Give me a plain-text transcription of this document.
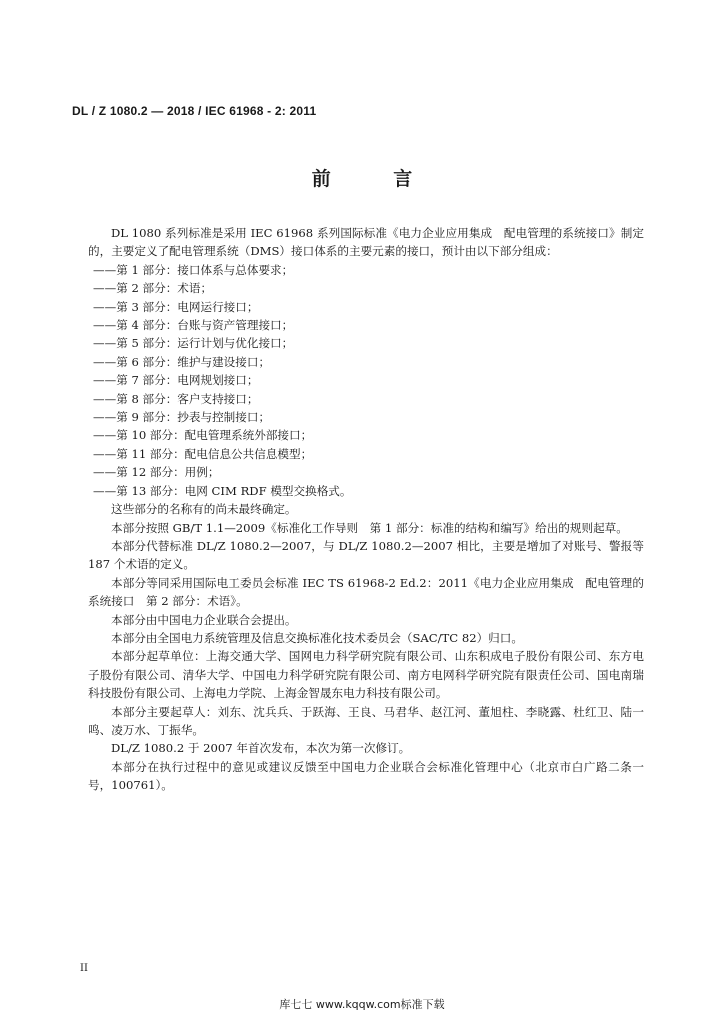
DL / Z 1080.2 — 2018 / IEC 61968 - 2: 2011
前 言

DL 1080 系列标准是采用 IEC 61968 系列国际标准《电力企业应用集成　配电管理的系统接口》制定的，主要定义了配电管理系统（DMS）接口体系的主要元素的接口，预计由以下部分组成：

——第 1 部分：接口体系与总体要求；

——第 2 部分：术语；

——第 3 部分：电网运行接口；

——第 4 部分：台账与资产管理接口；

——第 5 部分：运行计划与优化接口；

——第 6 部分：维护与建设接口；

——第 7 部分：电网规划接口；

——第 8 部分：客户支持接口；

——第 9 部分：抄表与控制接口；

——第 10 部分：配电管理系统外部接口；

——第 11 部分：配电信息公共信息模型；

——第 12 部分：用例；

——第 13 部分：电网 CIM RDF 模型交换格式。

这些部分的名称有的尚未最终确定。

本部分按照 GB/T 1.1—2009《标准化工作导则　第 1 部分：标准的结构和编写》给出的规则起草。

本部分代替标准 DL/Z 1080.2—2007，与 DL/Z 1080.2—2007 相比，主要是增加了对账号、警报等 187 个术语的定义。

本部分等同采用国际电工委员会标准 IEC TS 61968-2 Ed.2：2011《电力企业应用集成　配电管理的系统接口　第 2 部分：术语》。

本部分由中国电力企业联合会提出。

本部分由全国电力系统管理及信息交换标准化技术委员会（SAC/TC 82）归口。

本部分起草单位：上海交通大学、国网电力科学研究院有限公司、山东积成电子股份有限公司、东方电子股份有限公司、清华大学、中国电力科学研究院有限公司、南方电网科学研究院有限责任公司、国电南瑞科技股份有限公司、上海电力学院、上海金智晟东电力科技有限公司。

本部分主要起草人：刘东、沈兵兵、于跃海、王良、马君华、赵江河、董旭柱、李晓露、杜红卫、陆一鸣、凌万水、丁振华。

DL/Z 1080.2 于 2007 年首次发布，本次为第一次修订。

本部分在执行过程中的意见或建议反馈至中国电力企业联合会标准化管理中心（北京市白广路二条一号，100761）。

II
库七七 www.kqqw.com标准下载
